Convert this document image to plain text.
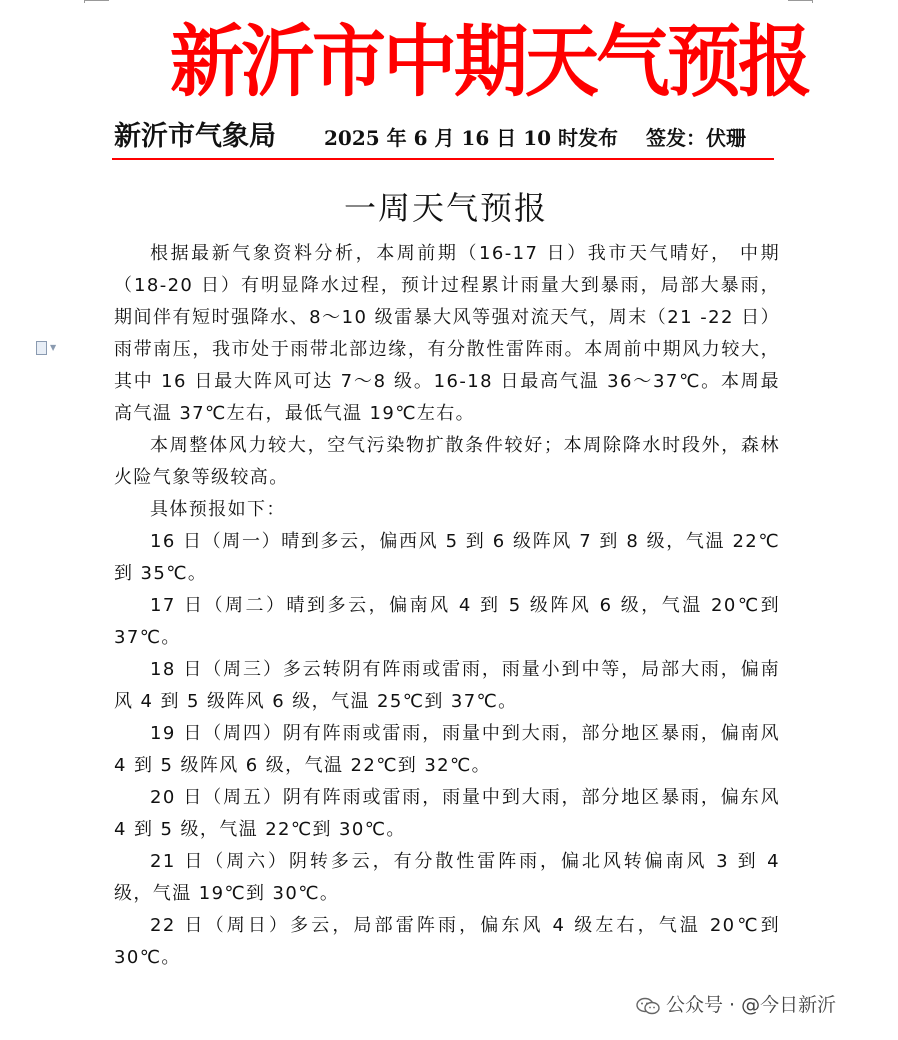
新沂市中期天气预报
新沂市气象局 2025 年 6 月 16 日 10 时发布 签发：伏珊
一周天气预报
▼

根据最新气象资料分析，本周前期（16-17 日）我市天气晴好， 中期（18-20 日）有明显降水过程，预计过程累计雨量大到暴雨，局部大暴雨，期间伴有短时强降水、8～10 级雷暴大风等强对流天气，周末（21 -22 日）雨带南压，我市处于雨带北部边缘，有分散性雷阵雨。本周前中期风力较大，其中 16 日最大阵风可达 7～8 级。16-18 日最高气温 36～37℃。本周最高气温 37℃左右，最低气温 19℃左右。

本周整体风力较大，空气污染物扩散条件较好；本周除降水时段外，森林火险气象等级较高。

具体预报如下：

16 日（周一）晴到多云，偏西风 5 到 6 级阵风 7 到 8 级，气温 22℃到 35℃。

17 日（周二）晴到多云，偏南风 4 到 5 级阵风 6 级，气温 20℃到 37℃。

18 日（周三）多云转阴有阵雨或雷雨，雨量小到中等，局部大雨，偏南风 4 到 5 级阵风 6 级，气温 25℃到 37℃。

19 日（周四）阴有阵雨或雷雨，雨量中到大雨，部分地区暴雨，偏南风 4 到 5 级阵风 6 级，气温 22℃到 32℃。

20 日（周五）阴有阵雨或雷雨，雨量中到大雨，部分地区暴雨，偏东风 4 到 5 级，气温 22℃到 30℃。

21 日（周六）阴转多云，有分散性雷阵雨，偏北风转偏南风 3 到 4 级，气温 19℃到 30℃。

22 日（周日）多云，局部雷阵雨，偏东风 4 级左右，气温 20℃到 30℃。

公众号 · @今日新沂
